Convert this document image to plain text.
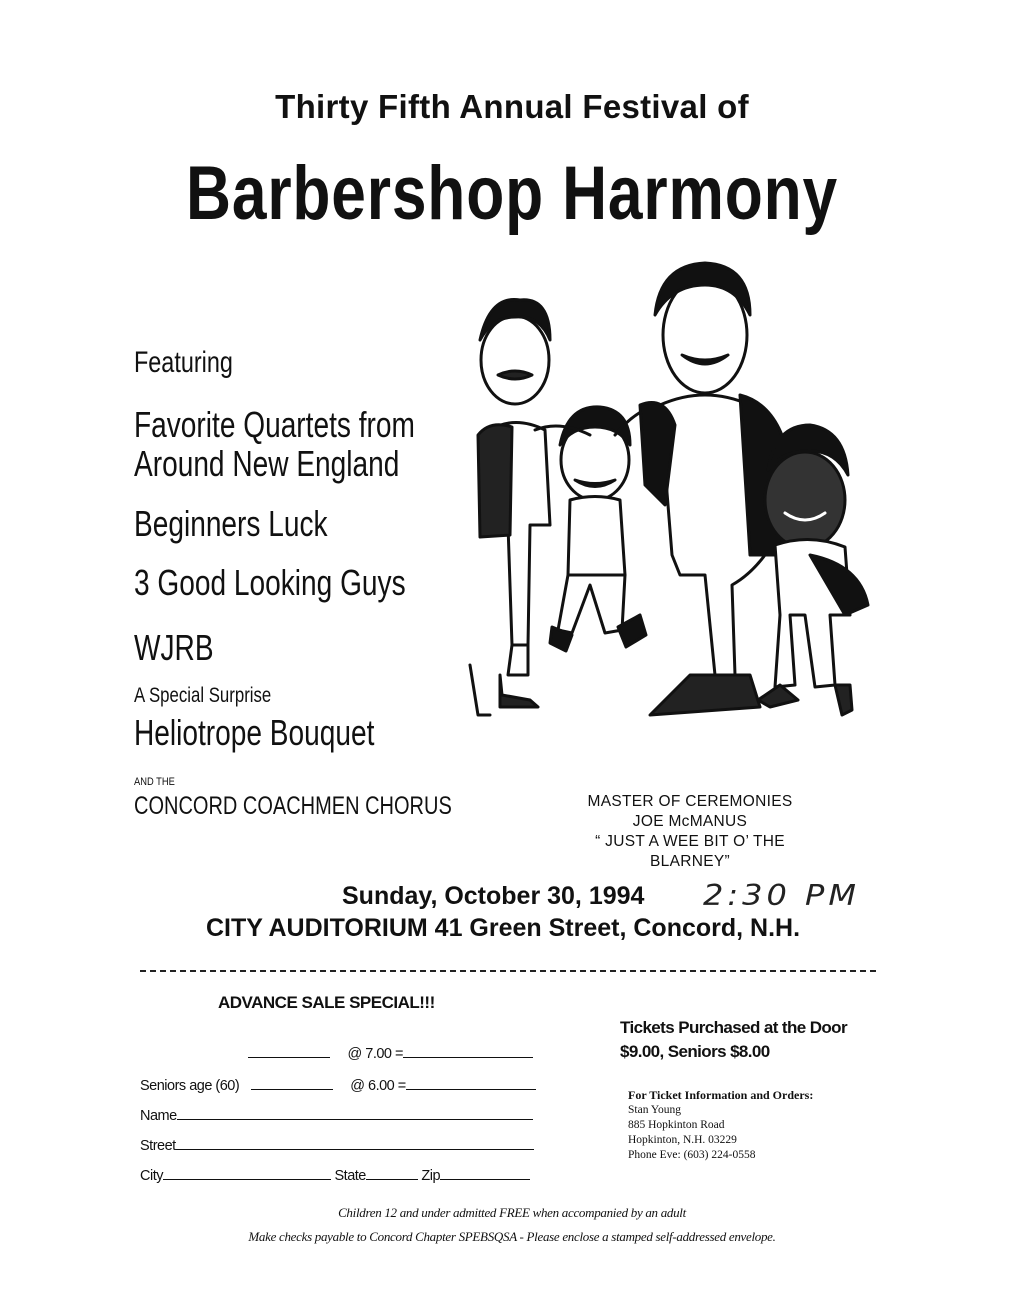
Thirty Fifth Annual Festival of
Barbershop Harmony
Featuring
Favorite Quartets from
Around New England
Beginners Luck
3 Good Looking Guys
WJRB
A Special Surprise
Heliotrope Bouquet
AND THE
CONCORD COACHMEN CHORUS	MASTER OF CEREMONIES
JOE McMANUS
“ JUST A WEE BIT O’ THE
BLARNEY”
Sunday, October 30, 1994 2:30 PM
CITY AUDITORIUM 41 Green Street, Concord, N.H.
ADVANCE SALE SPECIAL!!!
@ 7.00 =
Seniors age (60)	@ 6.00 =
Name
Street
City	State	Zip
Tickets Purchased at the Door
$9.00, Seniors $8.00
For Ticket Information and Orders:
Stan Young
885 Hopkinton Road
Hopkinton, N.H. 03229
Phone Eve: (603) 224-0558
Children 12 and under admitted FREE when accompanied by an adult
Make checks payable to Concord Chapter SPEBSQSA - Please enclose a stamped self-addressed envelope.
